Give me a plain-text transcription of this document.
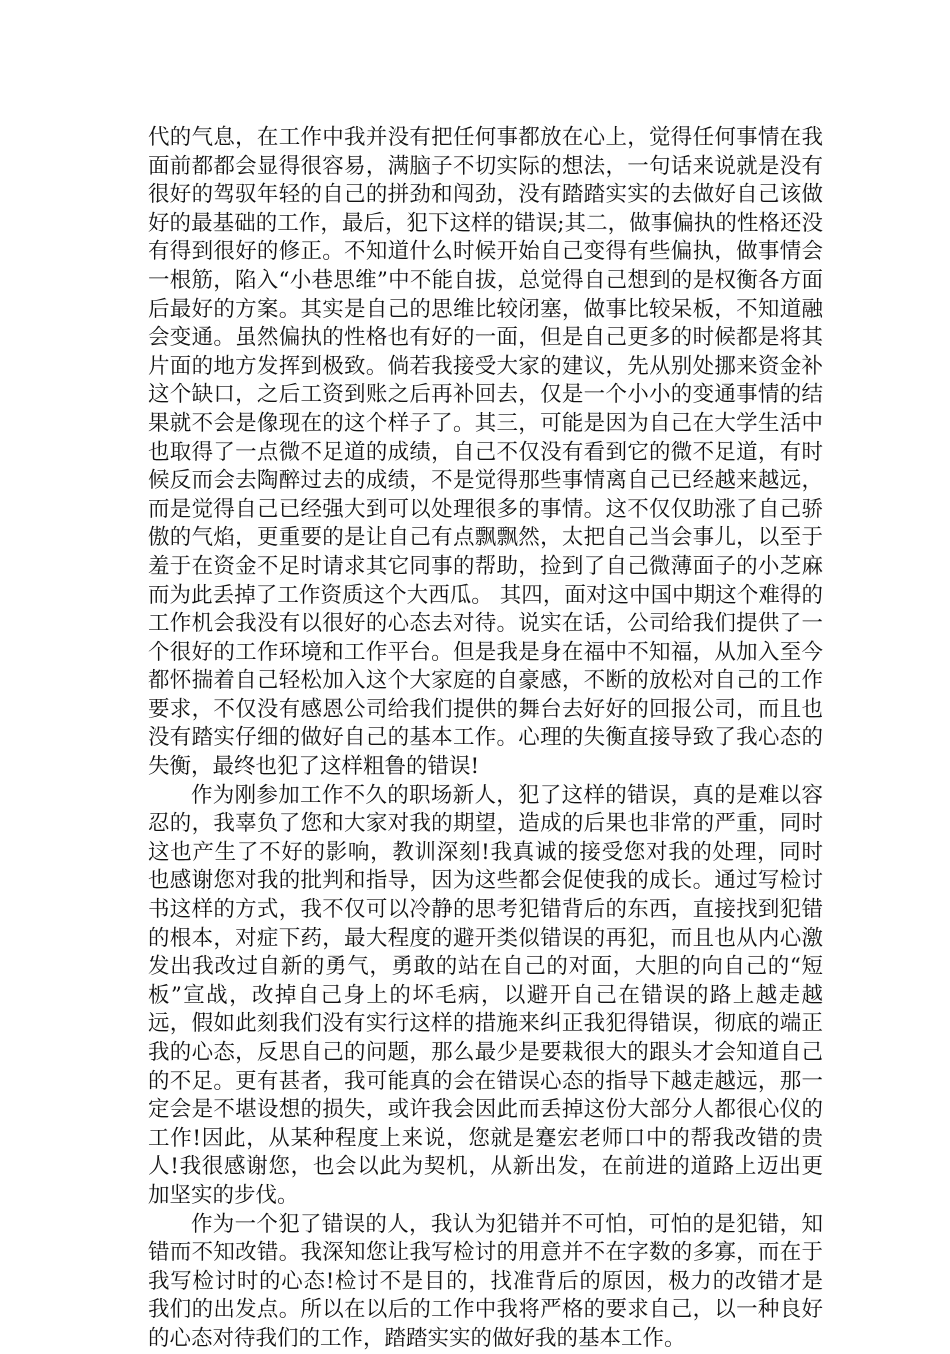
代的气息，在工作中我并没有把任何事都放在心上，觉得任何事情在我面前都都会显得很容易，满脑子不切实际的想法，一句话来说就是没有很好的驾驭年轻的自己的拼劲和闯劲，没有踏踏实实的去做好自己该做好的最基础的工作，最后，犯下这样的错误;其二，做事偏执的性格还没有得到很好的修正。不知道什么时候开始自己变得有些偏执，做事情会一根筋，陷入“小巷思维”中不能自拔，总觉得自己想到的是权衡各方面后最好的方案。其实是自己的思维比较闭塞，做事比较呆板，不知道融会变通。虽然偏执的性格也有好的一面，但是自己更多的时候都是将其片面的地方发挥到极致。倘若我接受大家的建议，先从别处挪来资金补这个缺口，之后工资到账之后再补回去，仅是一个小小的变通事情的结果就不会是像现在的这个样子了。其三，可能是因为自己在大学生活中也取得了一点微不足道的成绩，自己不仅没有看到它的微不足道，有时候反而会去陶醉过去的成绩，不是觉得那些事情离自己已经越来越远，而是觉得自己已经强大到可以处理很多的事情。这不仅仅助涨了自己骄傲的气焰，更重要的是让自己有点飘飘然，太把自己当会事儿，以至于羞于在资金不足时请求其它同事的帮助，捡到了自己微薄面子的小芝麻而为此丢掉了工作资质这个大西瓜。 其四，面对这中国中期这个难得的工作机会我没有以很好的心态去对待。说实在话，公司给我们提供了一个很好的工作环境和工作平台。但是我是身在福中不知福，从加入至今都怀揣着自己轻松加入这个大家庭的自豪感，不断的放松对自己的工作要求，不仅没有感恩公司给我们提供的舞台去好好的回报公司，而且也没有踏实仔细的做好自己的基本工作。心理的失衡直接导致了我心态的失衡，最终也犯了这样粗鲁的错误!

作为刚参加工作不久的职场新人，犯了这样的错误，真的是难以容忍的，我辜负了您和大家对我的期望，造成的后果也非常的严重，同时这也产生了不好的影响，教训深刻!我真诚的接受您对我的处理，同时也感谢您对我的批判和指导，因为这些都会促使我的成长。通过写检讨书这样的方式，我不仅可以冷静的思考犯错背后的东西，直接找到犯错的根本，对症下药，最大程度的避开类似错误的再犯，而且也从内心激发出我改过自新的勇气，勇敢的站在自己的对面，大胆的向自己的“短板”宣战，改掉自己身上的坏毛病，以避开自己在错误的路上越走越远，假如此刻我们没有实行这样的措施来纠正我犯得错误，彻底的端正我的心态，反思自己的问题，那么最少是要栽很大的跟头才会知道自己的不足。更有甚者，我可能真的会在错误心态的指导下越走越远，那一定会是不堪设想的损失，或许我会因此而丢掉这份大部分人都很心仪的工作!因此，从某种程度上来说，您就是蹇宏老师口中的帮我改错的贵人!我很感谢您，也会以此为契机，从新出发，在前进的道路上迈出更加坚实的步伐。

作为一个犯了错误的人，我认为犯错并不可怕，可怕的是犯错，知错而不知改错。我深知您让我写检讨的用意并不在字数的多寡，而在于我写检讨时的心态!检讨不是目的，找准背后的原因，极力的改错才是我们的出发点。所以在以后的工作中我将严格的要求自己，以一种良好的心态对待我们的工作，踏踏实实的做好我的基本工作。
